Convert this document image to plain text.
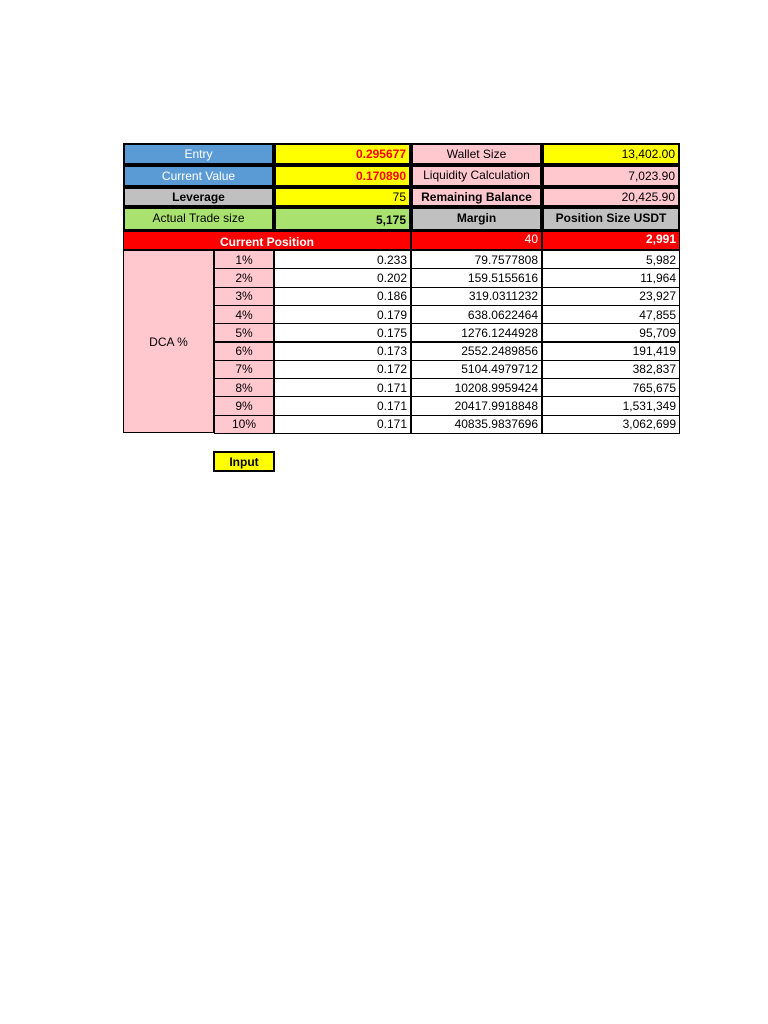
Entry	0.295677	Wallet Size	13,402.00
Current Value	0.170890	Liquidity Calculation	7,023.90
Leverage	75	Remaining Balance	20,425.90
Actual Trade size	5,175	Margin	Position Size USDT
Current Position	40	2,991
DCA %
1%	0.233	79.7577808	5,982
2%	0.202	159.5155616	11,964
3%	0.186	319.0311232	23,927
4%	0.179	638.0622464	47,855
5%	0.175	1276.1244928	95,709
6%	0.173	2552.2489856	191,419
7%	0.172	5104.4979712	382,837
8%	0.171	10208.9959424	765,675
9%	0.171	20417.9918848	1,531,349
10%	0.171	40835.9837696	3,062,699
Input
